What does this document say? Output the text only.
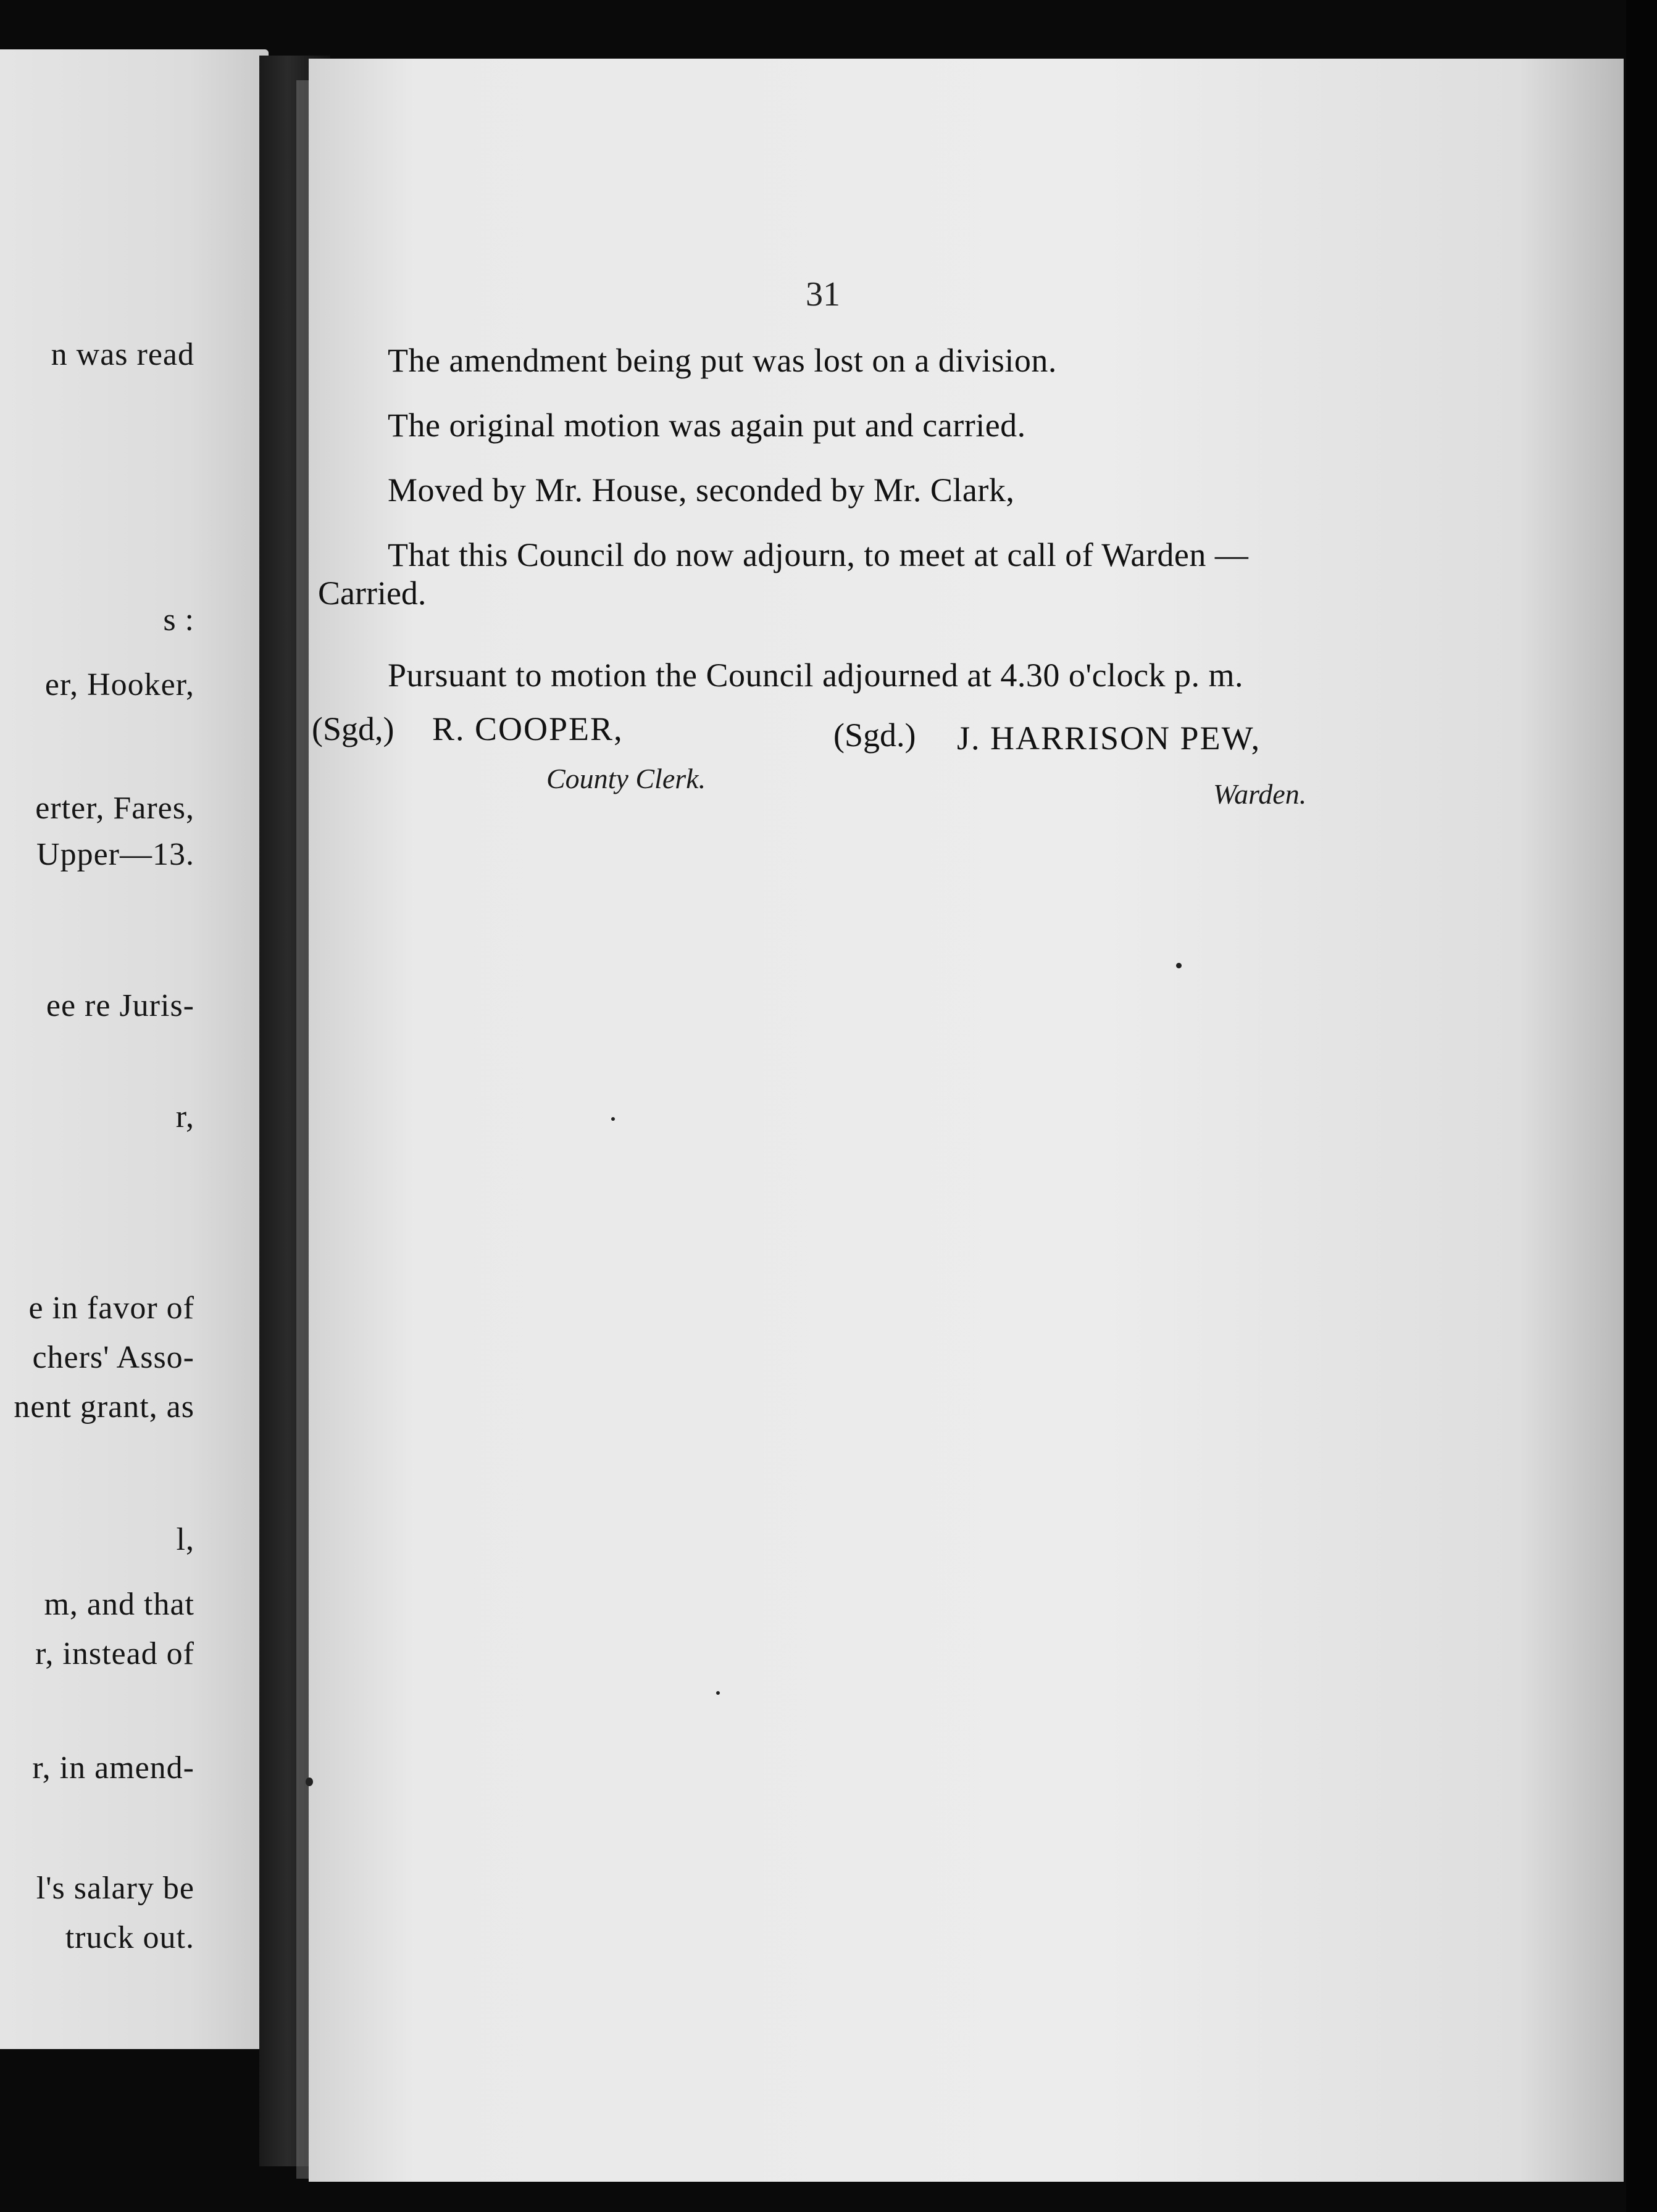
n was read
s :
er, Hooker,
erter, Fares,
Upper—13.
ee re Juris-
r,
e in favor of
chers' Asso-
nent grant, as
l,
m, and that
r, instead of
r, in amend-
l's salary be
truck out.
31
The amendment being put was lost on a division.
The original motion was again put and carried.
Moved by Mr. House, seconded by Mr. Clark,
That this Council do now adjourn, to meet at call of Warden —
Carried.
Pursuant to motion the Council adjourned at 4.30 o'clock p. m.
(Sgd,) R. COOPER,
County Clerk.
(Sgd.) J. HARRISON PEW,
Warden.
